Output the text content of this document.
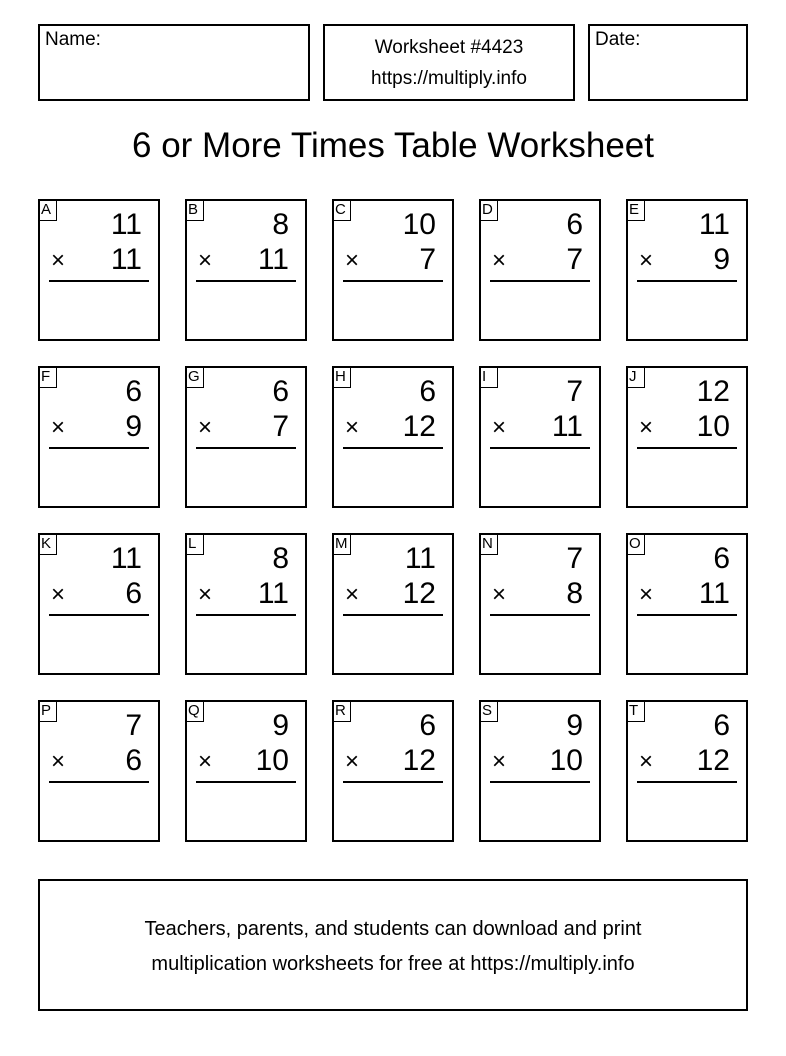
Name:	Worksheet #4423
https://multiply.info
Date:
6 or More Times Table Worksheet
A 11
× 11
B 8
× 11
C 10
× 7
D 6
× 7
E 11
× 9
F	6
× 9
G 6
× 7
H 6
× 12
I	7
× 11
J 12
× 10
K 11
× 6
L	8
× 11
M 11
× 12
N 7
× 8
O 6
× 11
P 7
× 6
Q 9
× 10
R 6
× 12
S 9
× 10
T	6
× 12
Teachers, parents, and students can download and print
multiplication worksheets for free at https://multiply.info
